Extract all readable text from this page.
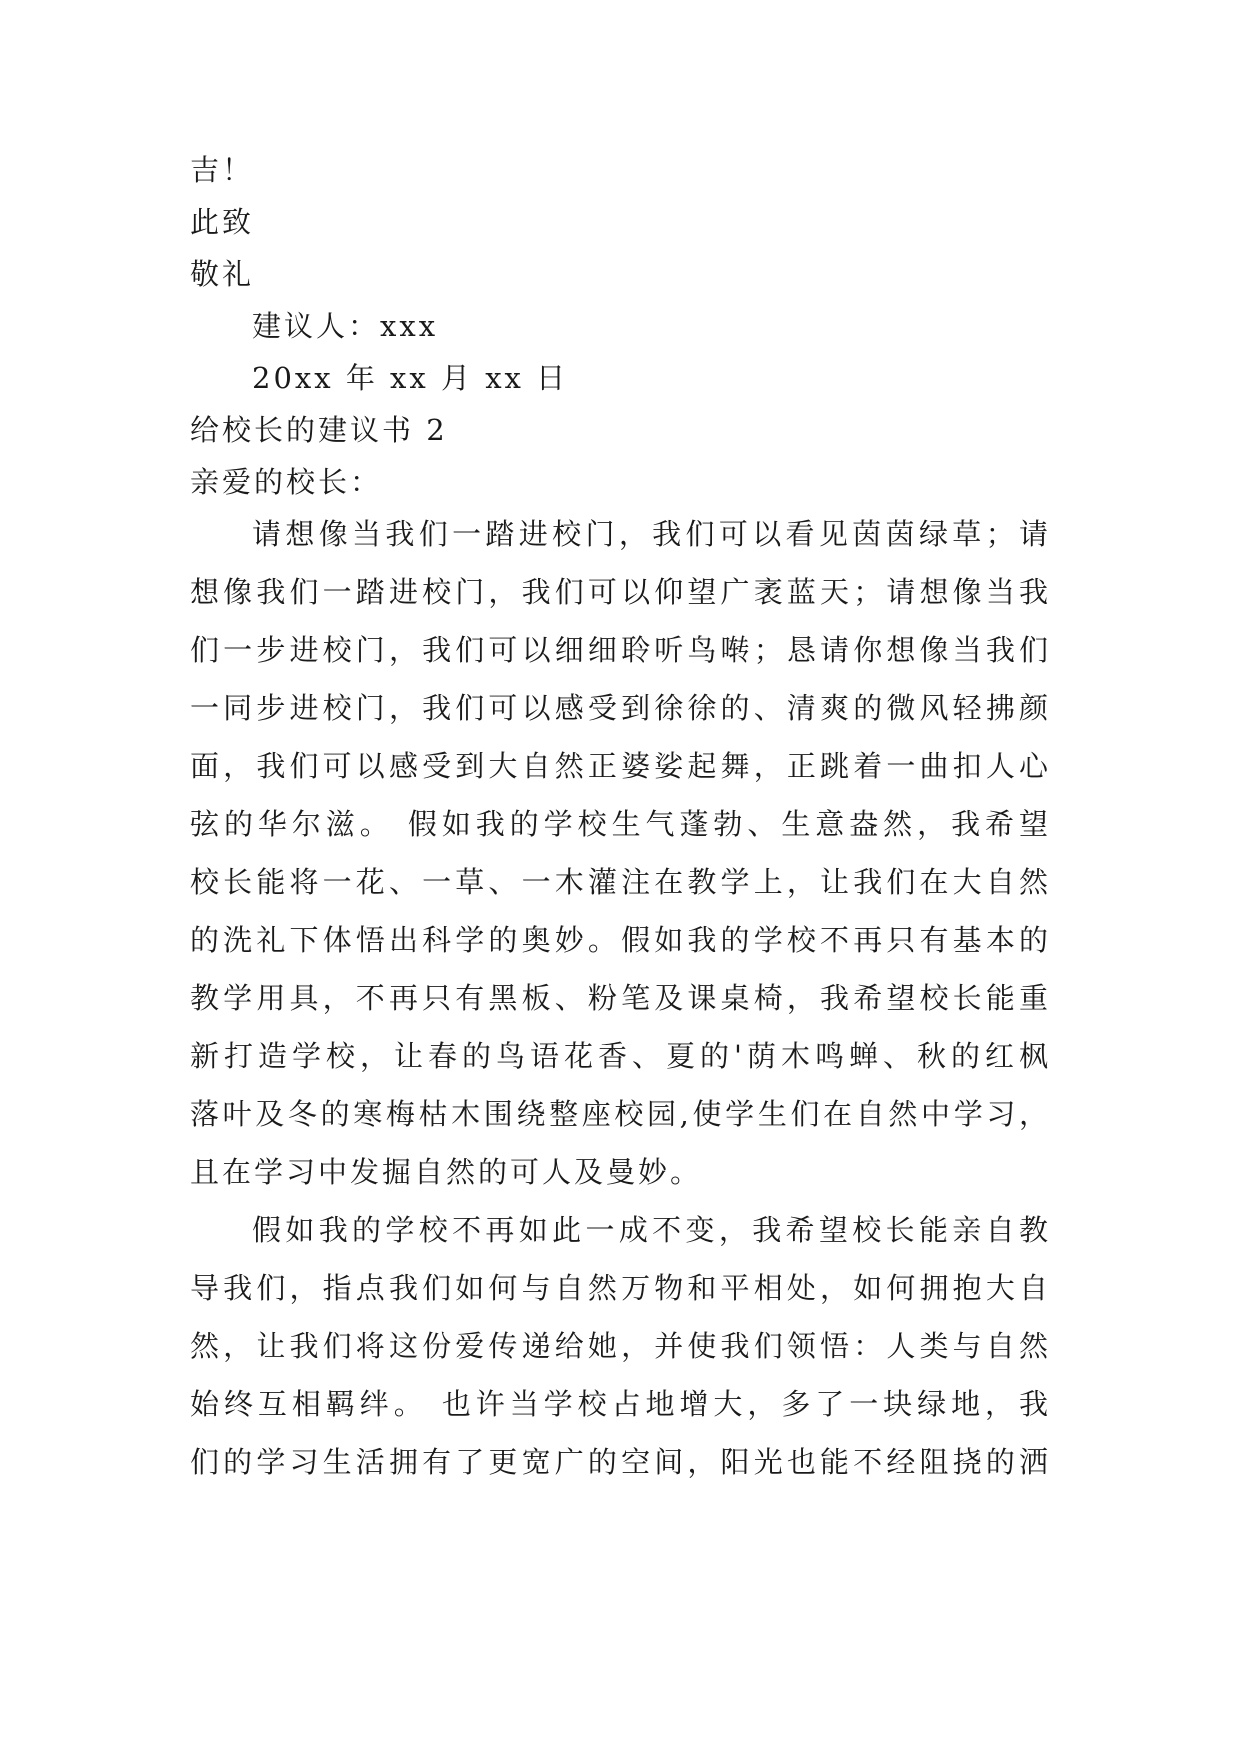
吉！
此致
敬礼
建议人：xxx
20xx 年 xx 月 xx 日
给校长的建议书 2
亲爱的校长：
请想像当我们一踏进校门，我们可以看见茵茵绿草；请
想像我们一踏进校门，我们可以仰望广袤蓝天；请想像当我
们一步进校门，我们可以细细聆听鸟啭；恳请你想像当我们
一同步进校门，我们可以感受到徐徐的、清爽的微风轻拂颜
面，我们可以感受到大自然正婆娑起舞，正跳着一曲扣人心
弦的华尔滋。 假如我的学校生气蓬勃、生意盎然，我希望
校长能将一花、一草、一木灌注在教学上，让我们在大自然
的洗礼下体悟出科学的奥妙。假如我的学校不再只有基本的
教学用具，不再只有黑板、粉笔及课桌椅，我希望校长能重
新打造学校，让春的鸟语花香、夏的'荫木鸣蝉、秋的红枫
落叶及冬的寒梅枯木围绕整座校园,使学生们在自然中学习，
且在学习中发掘自然的可人及曼妙。
假如我的学校不再如此一成不变，我希望校长能亲自教
导我们，指点我们如何与自然万物和平相处，如何拥抱大自
然，让我们将这份爱传递给她，并使我们领悟：人类与自然
始终互相羁绊。 也许当学校占地增大，多了一块绿地，我
们的学习生活拥有了更宽广的空间，阳光也能不经阻挠的洒
